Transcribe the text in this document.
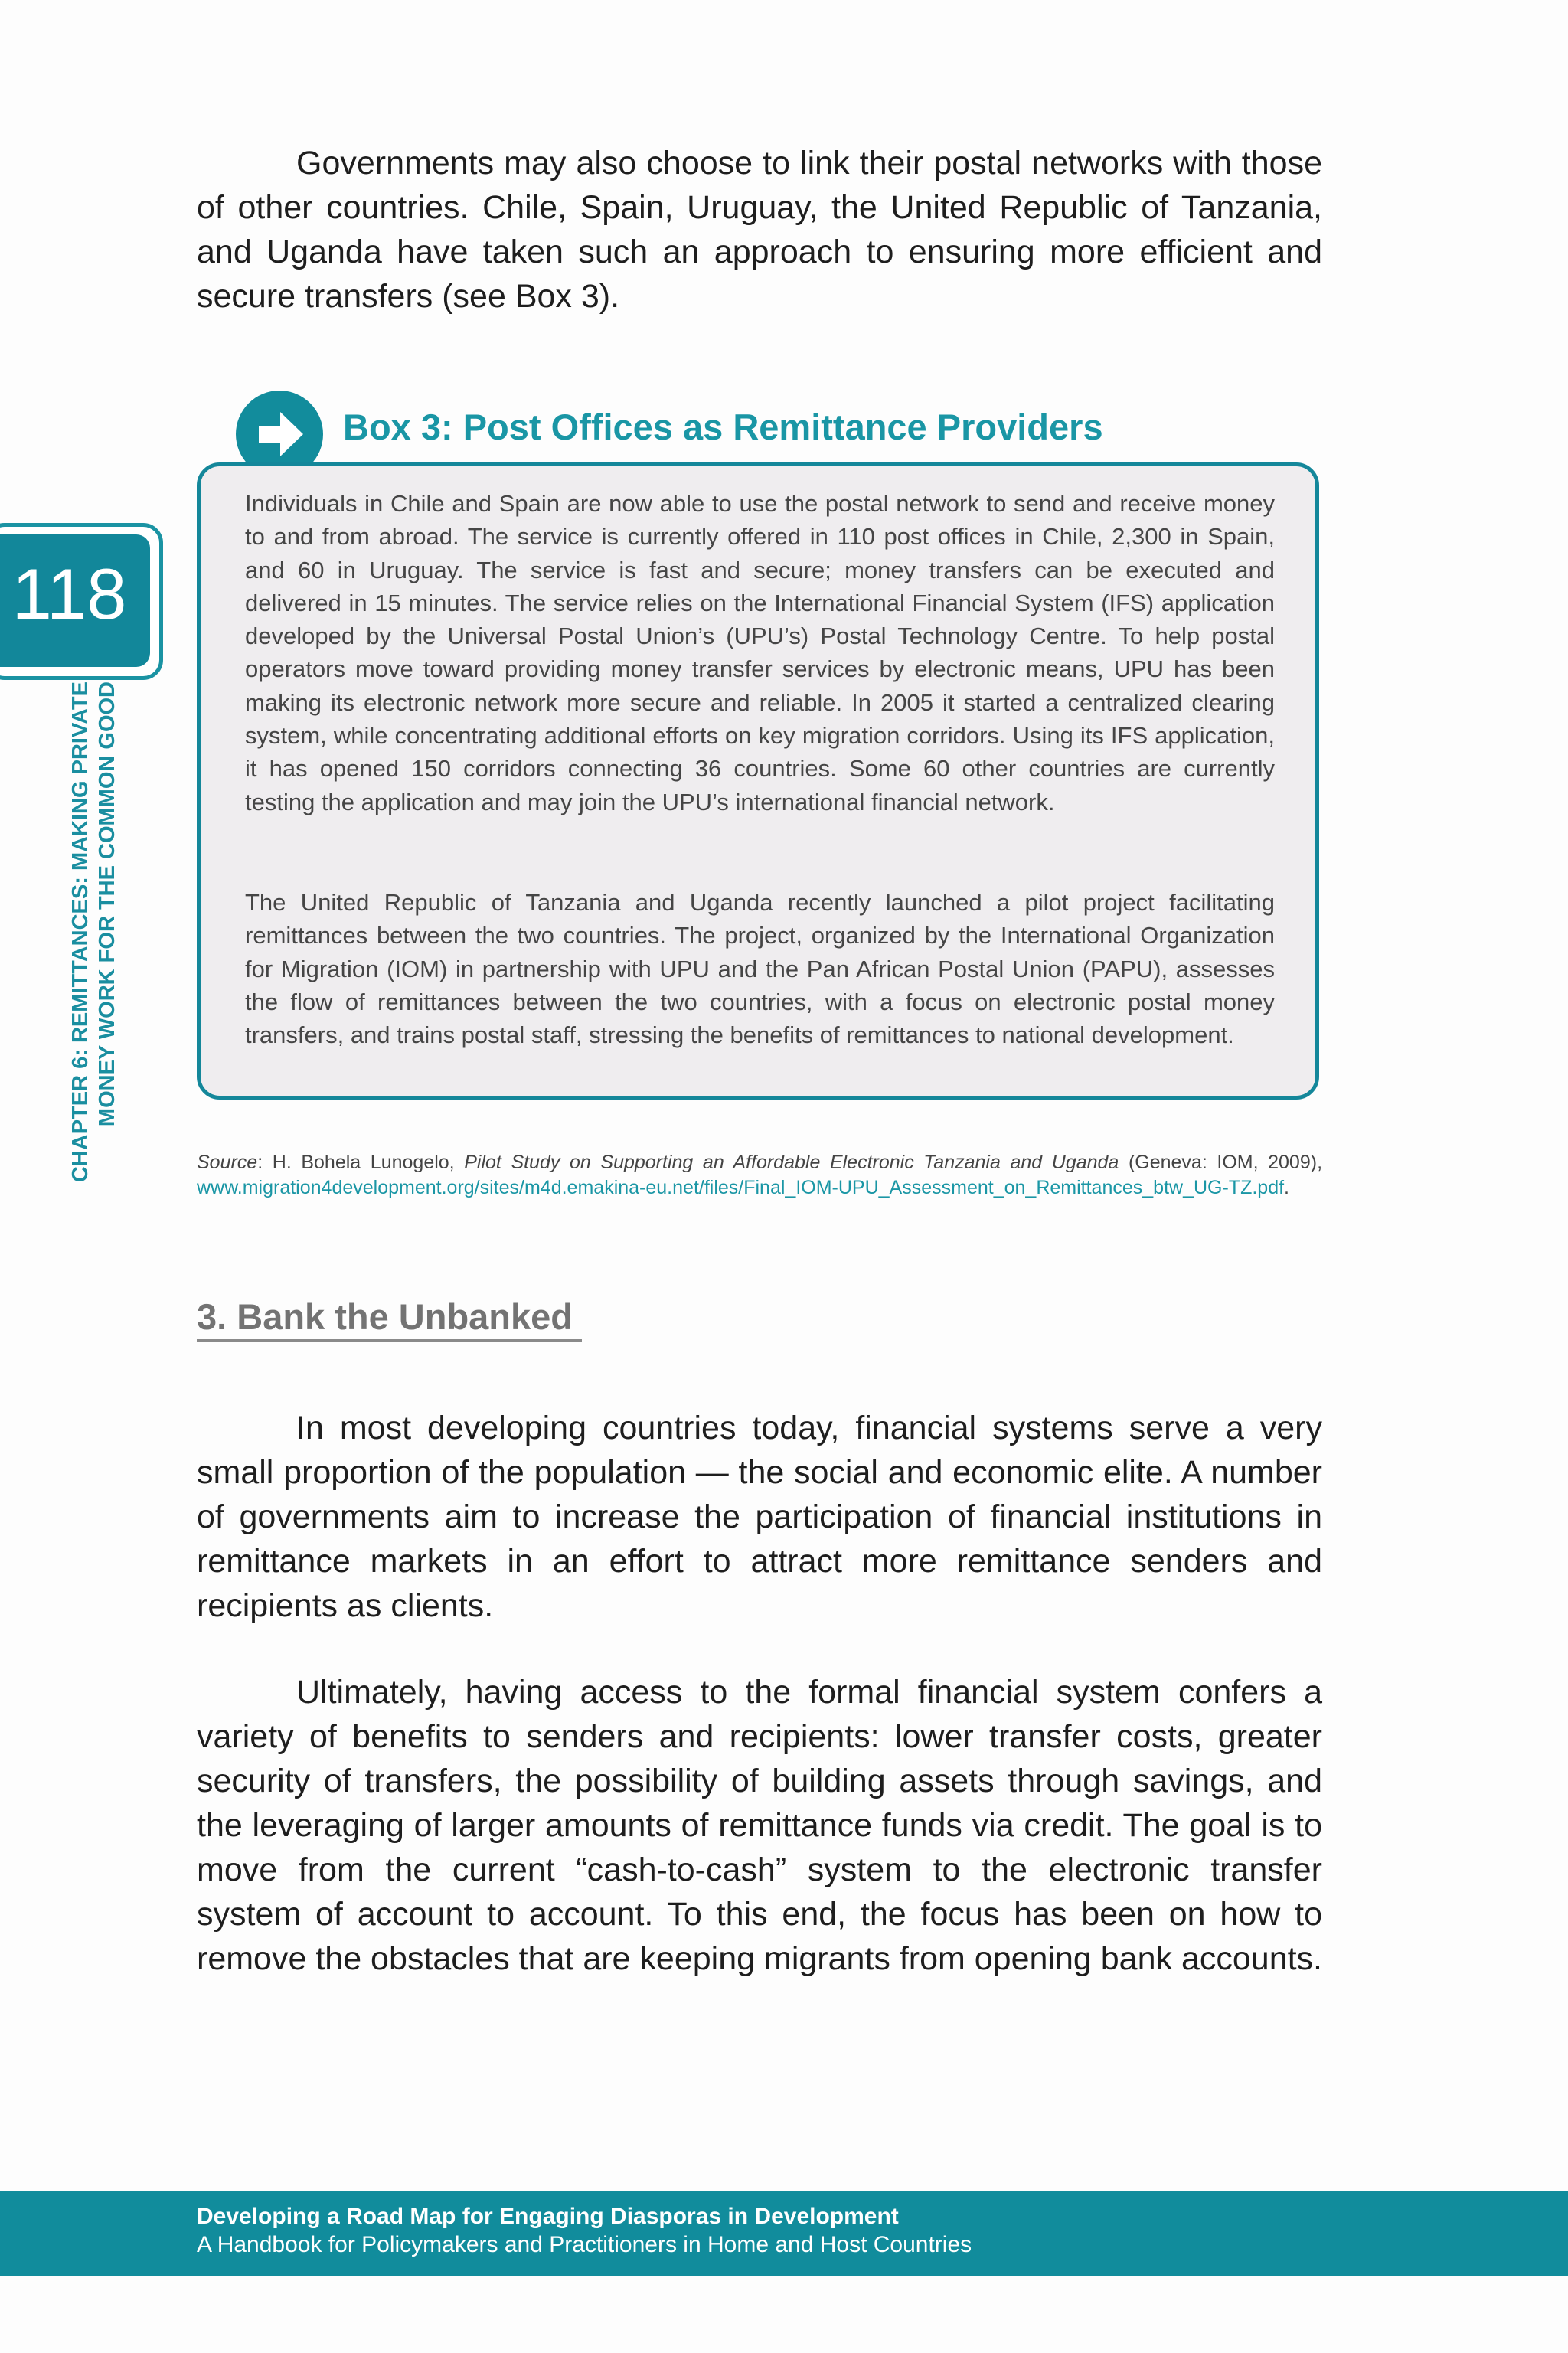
Governments may also choose to link their postal networks with those of other countries. Chile, Spain, Uruguay, the United Republic of Tanzania, and Uganda have taken such an approach to ensuring more efficient and secure transfers (see Box 3).

Box 3: Post Offices as Remittance Providers

Individuals in Chile and Spain are now able to use the postal network to send and receive money to and from abroad. The service is currently offered in 110 post offices in Chile, 2,300 in Spain, and 60 in Uruguay. The service is fast and secure; money transfers can be executed and delivered in 15 minutes. The service relies on the International Financial System (IFS) application developed by the Universal Postal Union’s (UPU’s) Postal Technology Centre. To help postal operators move toward providing money transfer services by electronic means, UPU has been making its electronic network more secure and reliable. In 2005 it started a centralized clearing system, while concentrating additional efforts on key migration corridors. Using its IFS application, it has opened 150 corridors connecting 36 countries. Some 60 other countries are currently testing the application and may join the UPU’s international financial network.

The United Republic of Tanzania and Uganda recently launched a pilot project facilitating remittances between the two countries. The project, organized by the International Organization for Migration (IOM) in partnership with UPU and the Pan African Postal Union (PAPU), assesses the flow of remittances between the two countries, with a focus on electronic postal money transfers, and trains postal staff, stressing the benefits of remittances to national development.

118
CHAPTER 6: REMITTANCES: MAKING PRIVATE MONEY WORK FOR THE COMMON GOOD

Source: H. Bohela Lunogelo, Pilot Study on Supporting an Affordable Electronic Tanzania and Uganda (Geneva: IOM, 2009), www.migration4development.org/sites/m4d.emakina-eu.net/files/Final_IOM-UPU_Assessment_on_Remittances_btw_UG-TZ.pdf.

3. Bank the Unbanked

In most developing countries today, financial systems serve a very small proportion of the population — the social and economic elite. A number of governments aim to increase the participation of financial institutions in remittance markets in an effort to attract more remittance senders and recipients as clients.

Ultimately, having access to the formal financial system confers a variety of benefits to senders and recipients: lower transfer costs, greater security of transfers, the possibility of building assets through savings, and the leveraging of larger amounts of remittance funds via credit. The goal is to move from the current “cash-to-cash” system to the electronic transfer system of account to account. To this end, the focus has been on how to remove the obstacles that are keeping migrants from opening bank accounts.

Developing a Road Map for Engaging Diasporas in Development
A Handbook for Policymakers and Practitioners in Home and Host Countries
